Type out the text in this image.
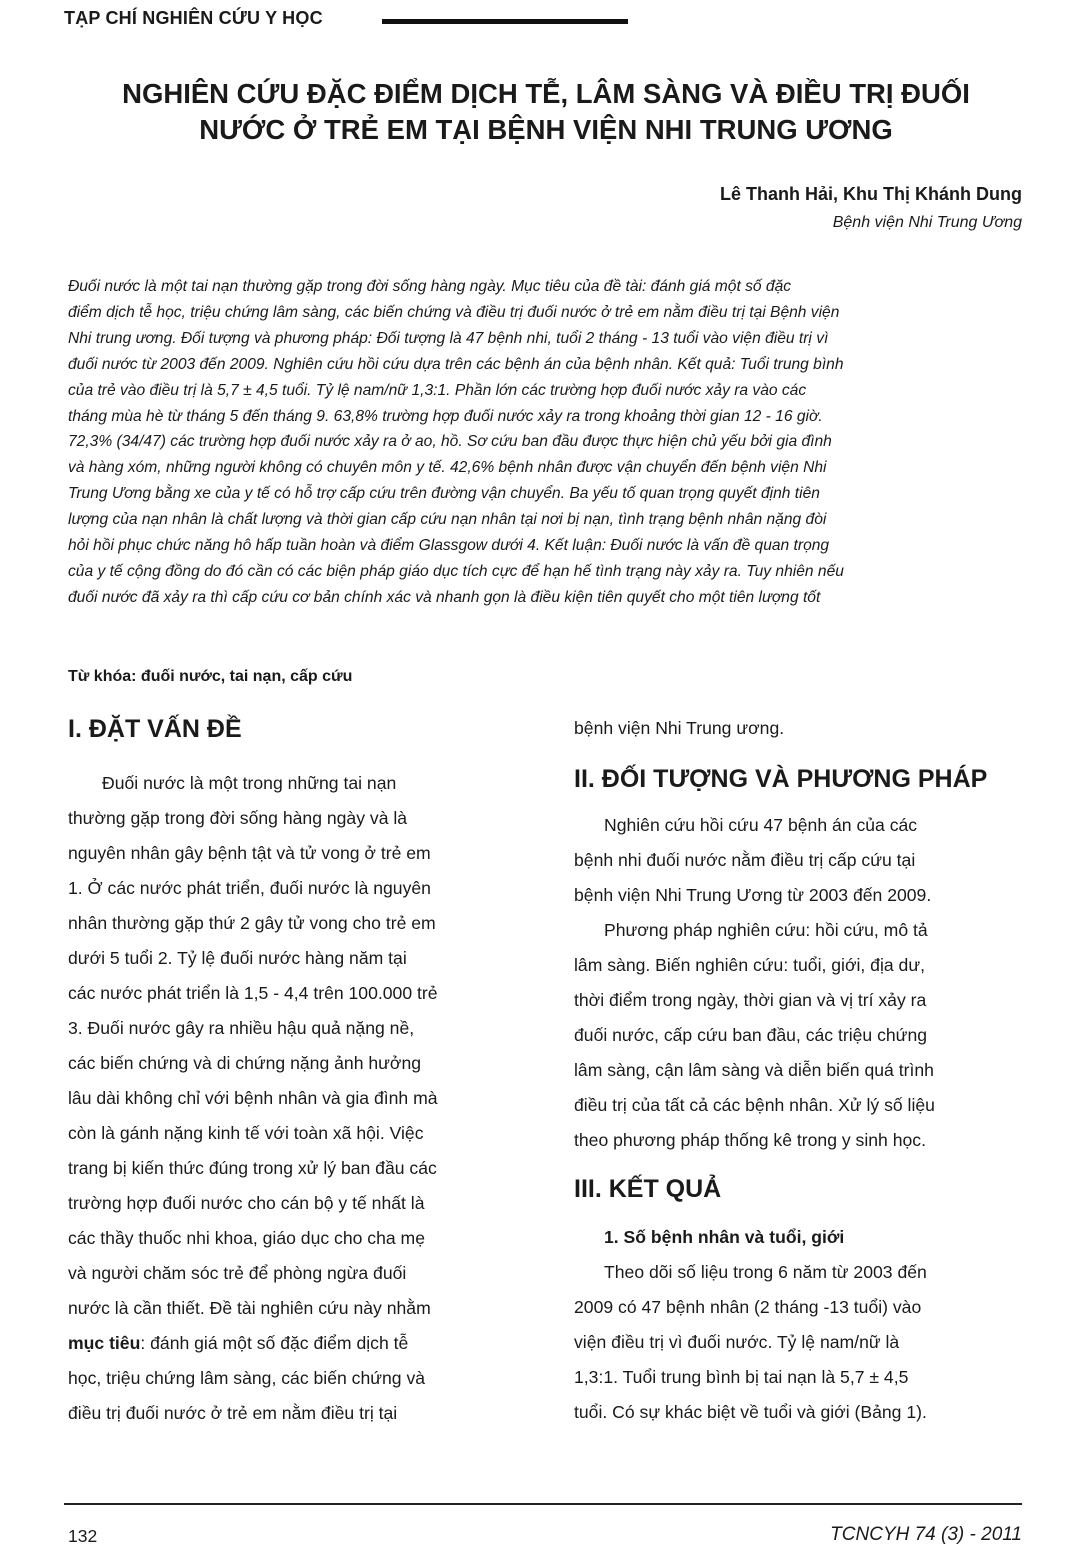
TẠP CHÍ NGHIÊN CỨU Y HỌC
NGHIÊN CỨU ĐẶC ĐIỂM DỊCH TỄ, LÂM SÀNG VÀ ĐIỀU TRỊ ĐUỐI
NƯỚC Ở TRẺ EM TẠI BỆNH VIỆN NHI TRUNG ƯƠNG
Lê Thanh Hải, Khu Thị Khánh Dung
Bệnh viện Nhi Trung Ương
Đuối nước là một tai nạn thường gặp trong đời sống hàng ngày. Mục tiêu của đề tài: đánh giá một số đặc
điểm dịch tễ học, triệu chứng lâm sàng, các biến chứng và điều trị đuối nước ở trẻ em nằm điều trị tại Bệnh viện
Nhi trung ương. Đối tượng và phương pháp: Đối tượng là 47 bệnh nhi, tuổi 2 tháng - 13 tuổi vào viện điều trị vì
đuối nước từ 2003 đến 2009. Nghiên cứu hồi cứu dựa trên các bệnh án của bệnh nhân. Kết quả: Tuổi trung bình
của trẻ vào điều trị là 5,7 ± 4,5 tuổi. Tỷ lệ nam/nữ 1,3:1. Phần lớn các trường hợp đuối nước xảy ra vào các
tháng mùa hè từ tháng 5 đến tháng 9. 63,8% trường hợp đuối nước xảy ra trong khoảng thời gian 12 - 16 giờ.
72,3% (34/47) các trường hợp đuối nước xảy ra ở ao, hồ. Sơ cứu ban đầu được thực hiện chủ yếu bởi gia đình
và hàng xóm, những người không có chuyên môn y tế. 42,6% bệnh nhân được vận chuyển đến bệnh viện Nhi
Trung Ương bằng xe của y tế có hỗ trợ cấp cứu trên đường vận chuyển. Ba yếu tố quan trọng quyết định tiên
lượng của nạn nhân là chất lượng và thời gian cấp cứu nạn nhân tại nơi bị nạn, tình trạng bệnh nhân nặng đòi
hỏi hồi phục chức năng hô hấp tuần hoàn và điểm Glassgow dưới 4. Kết luận: Đuối nước là vấn đề quan trọng
của y tế cộng đồng do đó cần có các biện pháp giáo dục tích cực để hạn hế tình trạng này xảy ra. Tuy nhiên nếu
đuối nước đã xảy ra thì cấp cứu cơ bản chính xác và nhanh gọn là điều kiện tiên quyết cho một tiên lượng tốt
Từ khóa: đuối nước, tai nạn, cấp cứu
I. ĐẶT VẤN ĐỀ
Đuối nước là một trong những tai nạn
thường gặp trong đời sống hàng ngày và là
nguyên nhân gây bệnh tật và tử vong ở trẻ em
1. Ở các nước phát triển, đuối nước là nguyên
nhân thường gặp thứ 2 gây tử vong cho trẻ em
dưới 5 tuổi 2. Tỷ lệ đuối nước hàng năm tại
các nước phát triển là 1,5 - 4,4 trên 100.000 trẻ
3. Đuối nước gây ra nhiều hậu quả nặng nề,
các biến chứng và di chứng nặng ảnh hưởng
lâu dài không chỉ với bệnh nhân và gia đình mà
còn là gánh nặng kinh tế với toàn xã hội. Việc
trang bị kiến thức đúng trong xử lý ban đầu các
trường hợp đuối nước cho cán bộ y tế nhất là
các thầy thuốc nhi khoa, giáo dục cho cha mẹ
và người chăm sóc trẻ để phòng ngừa đuối
nước là cần thiết. Đề tài nghiên cứu này nhằm
mục tiêu: đánh giá một số đặc điểm dịch tễ
học, triệu chứng lâm sàng, các biến chứng và
điều trị đuối nước ở trẻ em nằm điều trị tại
bệnh viện Nhi Trung ương.
II. ĐỐI TƯỢNG VÀ PHƯƠNG PHÁP
Nghiên cứu hồi cứu 47 bệnh án của các
bệnh nhi đuối nước nằm điều trị cấp cứu tại
bệnh viện Nhi Trung Ương từ 2003 đến 2009.
Phương pháp nghiên cứu: hồi cứu, mô tả
lâm sàng. Biến nghiên cứu: tuổi, giới, địa dư,
thời điểm trong ngày, thời gian và vị trí xảy ra
đuối nước, cấp cứu ban đầu, các triệu chứng
lâm sàng, cận lâm sàng và diễn biến quá trình
điều trị của tất cả các bệnh nhân. Xử lý số liệu
theo phương pháp thống kê trong y sinh học.
III. KẾT QUẢ
1. Số bệnh nhân và tuổi, giới
Theo dõi số liệu trong 6 năm từ 2003 đến
2009 có 47 bệnh nhân (2 tháng -13 tuổi) vào
viện điều trị vì đuối nước. Tỷ lệ nam/nữ là
1,3:1. Tuổi trung bình bị tai nạn là 5,7 ± 4,5
tuổi. Có sự khác biệt về tuổi và giới (Bảng 1).
132	TCNCYH 74 (3) - 2011
